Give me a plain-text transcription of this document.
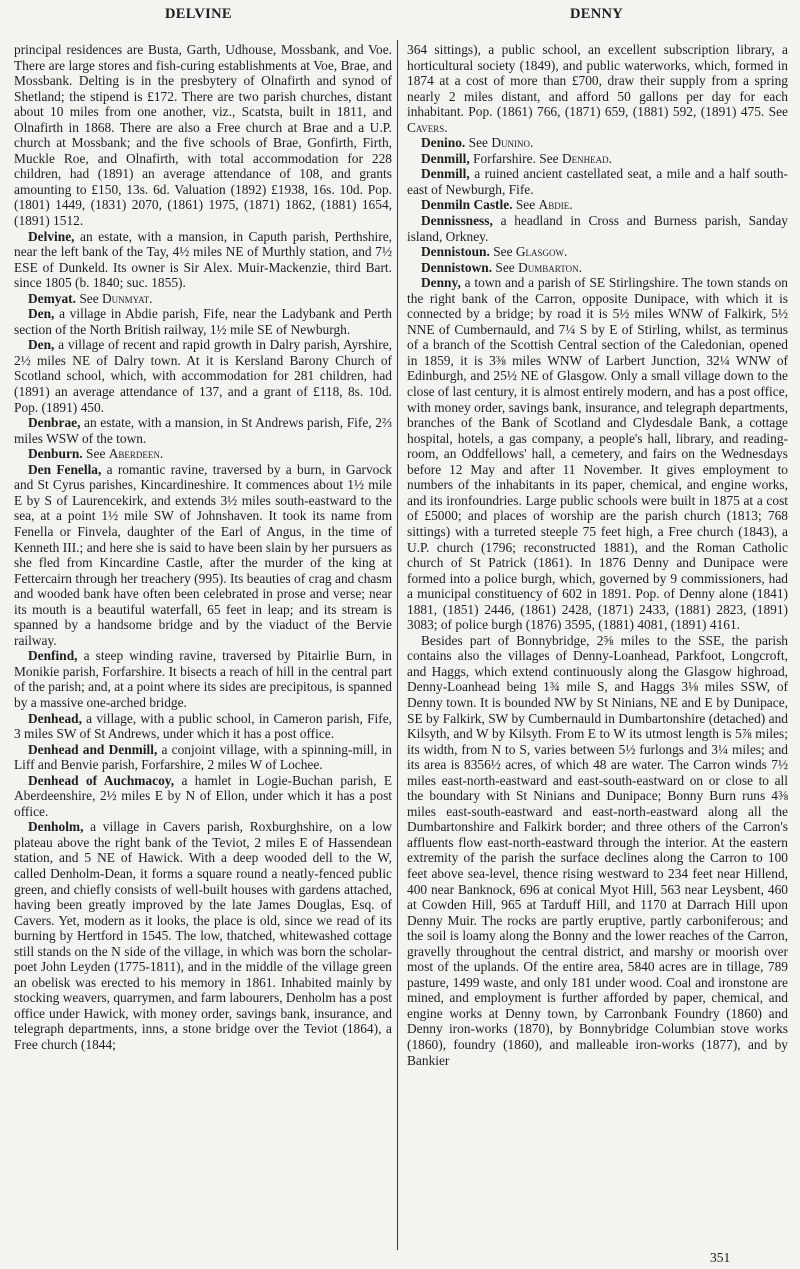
DELVINE	DENNY

principal residences are Busta, Garth, Udhouse, Mossbank, and Voe. There are large stores and fish-curing establishments at Voe, Brae, and Mossbank. Delting is in the presbytery of Olnafirth and synod of Shetland; the stipend is £172. There are two parish churches, distant about 10 miles from one another, viz., Scatsta, built in 1811, and Olnafirth in 1868. There are also a Free church at Brae and a U.P. church at Mossbank; and the five schools of Brae, Gonfirth, Firth, Muckle Roe, and Olnafirth, with total accommodation for 228 children, had (1891) an average attendance of 108, and grants amounting to £150, 13s. 6d. Valuation (1892) £1938, 16s. 10d. Pop. (1801) 1449, (1831) 2070, (1861) 1975, (1871) 1862, (1881) 1654, (1891) 1512.

Delvine, an estate, with a mansion, in Caputh parish, Perthshire, near the left bank of the Tay, 4½ miles NE of Murthly station, and 7½ ESE of Dunkeld. Its owner is Sir Alex. Muir-Mackenzie, third Bart. since 1805 (b. 1840; suc. 1855).

Demyat. See Dunmyat.

Den, a village in Abdie parish, Fife, near the Ladybank and Perth section of the North British railway, 1½ mile SE of Newburgh.

Den, a village of recent and rapid growth in Dalry parish, Ayrshire, 2½ miles NE of Dalry town. At it is Kersland Barony Church of Scotland school, which, with accommodation for 281 children, had (1891) an average attendance of 137, and a grant of £118, 8s. 10d. Pop. (1891) 450.

Denbrae, an estate, with a mansion, in St Andrews parish, Fife, 2⅔ miles WSW of the town.

Denburn. See Aberdeen.

Den Fenella, a romantic ravine, traversed by a burn, in Garvock and St Cyrus parishes, Kincardineshire. It commences about 1½ mile E by S of Laurencekirk, and extends 3½ miles south-eastward to the sea, at a point 1½ mile SW of Johnshaven. It took its name from Fenella or Finvela, daughter of the Earl of Angus, in the time of Kenneth III.; and here she is said to have been slain by her pursuers as she fled from Kincardine Castle, after the murder of the king at Fettercairn through her treachery (995). Its beauties of crag and chasm and wooded bank have often been celebrated in prose and verse; near its mouth is a beautiful waterfall, 65 feet in leap; and its stream is spanned by a handsome bridge and by the viaduct of the Bervie railway.

Denfind, a steep winding ravine, traversed by Pitairlie Burn, in Monikie parish, Forfarshire. It bisects a reach of hill in the central part of the parish; and, at a point where its sides are precipitous, is spanned by a massive one-arched bridge.

Denhead, a village, with a public school, in Cameron parish, Fife, 3 miles SW of St Andrews, under which it has a post office.

Denhead and Denmill, a conjoint village, with a spinning-mill, in Liff and Benvie parish, Forfarshire, 2 miles W of Lochee.

Denhead of Auchmacoy, a hamlet in Logie-Buchan parish, E Aberdeenshire, 2½ miles E by N of Ellon, under which it has a post office.

Denholm, a village in Cavers parish, Roxburghshire, on a low plateau above the right bank of the Teviot, 2 miles E of Hassendean station, and 5 NE of Hawick. With a deep wooded dell to the W, called Denholm-Dean, it forms a square round a neatly-fenced public green, and chiefly consists of well-built houses with gardens attached, having been greatly improved by the late James Douglas, Esq. of Cavers. Yet, modern as it looks, the place is old, since we read of its burning by Hertford in 1545. The low, thatched, whitewashed cottage still stands on the N side of the village, in which was born the scholar-poet John Leyden (1775-1811), and in the middle of the village green an obelisk was erected to his memory in 1861. Inhabited mainly by stocking weavers, quarrymen, and farm labourers, Denholm has a post office under Hawick, with money order, savings bank, insurance, and telegraph departments, inns, a stone bridge over the Teviot (1864), a Free church (1844;

364 sittings), a public school, an excellent subscription library, a horticultural society (1849), and public waterworks, which, formed in 1874 at a cost of more than £700, draw their supply from a spring nearly 2 miles distant, and afford 50 gallons per day for each inhabitant. Pop. (1861) 766, (1871) 659, (1881) 592, (1891) 475. See Cavers.

Denino. See Dunino.

Denmill, Forfarshire. See Denhead.

Denmill, a ruined ancient castellated seat, a mile and a half south-east of Newburgh, Fife.

Denmiln Castle. See Abdie.

Dennissness, a headland in Cross and Burness parish, Sanday island, Orkney.

Dennistoun. See Glasgow.

Dennistown. See Dumbarton.

Denny, a town and a parish of SE Stirlingshire. The town stands on the right bank of the Carron, opposite Dunipace, with which it is connected by a bridge; by road it is 5½ miles WNW of Falkirk, 5½ NNE of Cumbernauld, and 7¼ S by E of Stirling, whilst, as terminus of a branch of the Scottish Central section of the Caledonian, opened in 1859, it is 3⅜ miles WNW of Larbert Junction, 32¼ WNW of Edinburgh, and 25½ NE of Glasgow. Only a small village down to the close of last century, it is almost entirely modern, and has a post office, with money order, savings bank, insurance, and telegraph departments, branches of the Bank of Scotland and Clydesdale Bank, a cottage hospital, hotels, a gas company, a people's hall, library, and reading-room, an Oddfellows' hall, a cemetery, and fairs on the Wednesdays before 12 May and after 11 November. It gives employment to numbers of the inhabitants in its paper, chemical, and engine works, and its ironfoundries. Large public schools were built in 1875 at a cost of £5000; and places of worship are the parish church (1813; 768 sittings) with a turreted steeple 75 feet high, a Free church (1843), a U.P. church (1796; reconstructed 1881), and the Roman Catholic church of St Patrick (1861). In 1876 Denny and Dunipace were formed into a police burgh, which, governed by 9 commissioners, had a municipal constituency of 602 in 1891. Pop. of Denny alone (1841) 1881, (1851) 2446, (1861) 2428, (1871) 2433, (1881) 2823, (1891) 3083; of police burgh (1876) 3595, (1881) 4081, (1891) 4161.

Besides part of Bonnybridge, 2⅝ miles to the SSE, the parish contains also the villages of Denny-Loanhead, Parkfoot, Longcroft, and Haggs, which extend continuously along the Glasgow highroad, Denny-Loanhead being 1¾ mile S, and Haggs 3⅛ miles SSW, of Denny town. It is bounded NW by St Ninians, NE and E by Dunipace, SE by Falkirk, SW by Cumbernauld in Dumbartonshire (detached) and Kilsyth, and W by Kilsyth. From E to W its utmost length is 5⅞ miles; its width, from N to S, varies between 5½ furlongs and 3¼ miles; and its area is 8356½ acres, of which 48 are water. The Carron winds 7½ miles east-north-eastward and east-south-eastward on or close to all the boundary with St Ninians and Dunipace; Bonny Burn runs 4⅜ miles east-south-eastward and east-north-eastward along all the Dumbartonshire and Falkirk border; and three others of the Carron's affluents flow east-north-eastward through the interior. At the eastern extremity of the parish the surface declines along the Carron to 100 feet above sea-level, thence rising westward to 234 feet near Hillend, 400 near Banknock, 696 at conical Myot Hill, 563 near Leysbent, 460 at Cowden Hill, 965 at Tarduff Hill, and 1170 at Darrach Hill upon Denny Muir. The rocks are partly eruptive, partly carboniferous; and the soil is loamy along the Bonny and the lower reaches of the Carron, gravelly throughout the central district, and marshy or moorish over most of the uplands. Of the entire area, 5840 acres are in tillage, 789 pasture, 1499 waste, and only 181 under wood. Coal and ironstone are mined, and employment is further afforded by paper, chemical, and engine works at Denny town, by Carronbank Foundry (1860) and Denny iron-works (1870), by Bonnybridge Columbian stove works (1860), foundry (1860), and malleable iron-works (1877), and by Bankier

351
